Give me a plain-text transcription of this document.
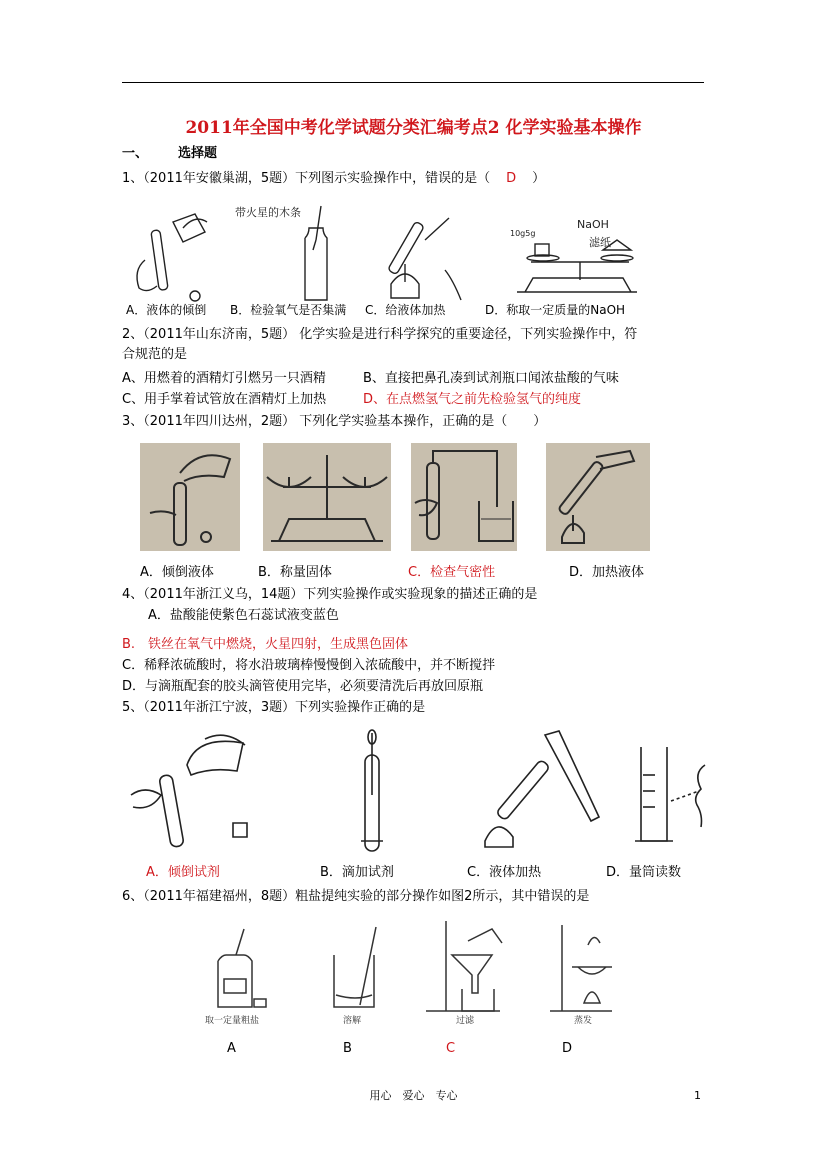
2011年全国中考化学试题分类汇编考点2 化学实验基本操作
一、 选择题
1、（2011年安徽巢湖，5题）下列图示实验操作中，错误的是（ D ）
带火星的木条
10g5g
NaOH
滤纸
A．液体的倾倒 B．检验氧气是否集满 C．给液体加热	D．称取一定质量的NaOH
2、（2011年山东济南，5题） 化学实验是进行科学探究的重要途径，下列实验操作中，符
合规范的是
A、用燃着的酒精灯引燃另一只酒精	B、直接把鼻孔凑到试剂瓶口闻浓盐酸的气味
C、用手掌着试管放在酒精灯上加热	D、在点燃氢气之前先检验氢气的纯度
3、（2011年四川达州，2题） 下列化学实验基本操作，正确的是（　　）
A．倾倒液体	B．称量固体	C．检查气密性	D．加热液体
4、（2011年浙江义乌，14题）下列实验操作或实验现象的描述正确的是
A．盐酸能使紫色石蕊试液变蓝色
B.　铁丝在氧气中燃烧，火星四射，生成黑色固体
C．稀释浓硫酸时，将水沿玻璃棒慢慢倒入浓硫酸中，并不断搅拌
D．与滴瓶配套的胶头滴管使用完毕，必须要清洗后再放回原瓶
5、（2011年浙江宁波，3题）下列实验操作正确的是
A．倾倒试剂	B．滴加试剂	C．液体加热	D．量筒读数
6、（2011年福建福州，8题）粗盐提纯实验的部分操作如图2所示，其中错误的是
取一定量粗盐	溶解	过滤	蒸发
A	B	C	D
用心　爱心　专心	1
